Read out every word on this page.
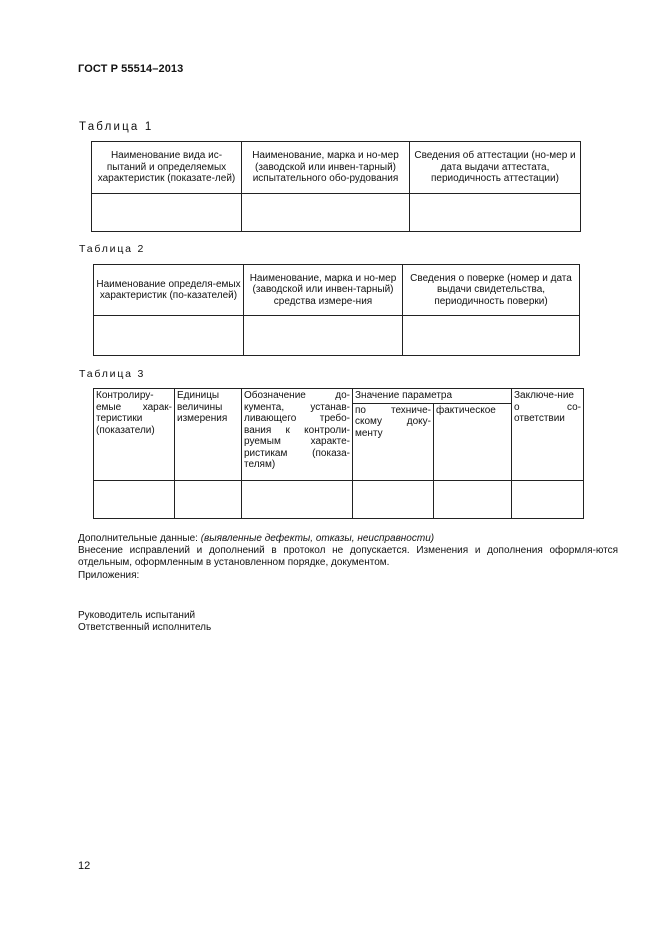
ГОСТ Р 55514–2013
Таблица 1
Наименование вида ис-пытаний и определяемых характеристик (показате-лей)	Наименование, марка и но-мер (заводской или инвен-тарный) испытательного обо-рудования	Сведения об аттестации (но-мер и дата выдачи аттестата, периодичность аттестации)

Таблица 2
Наименование определя-емых характеристик (по-казателей)	Наименование, марка и но-мер (заводской или инвен-тарный) средства измере-ния	Сведения о поверке (номер и дата выдачи свидетельства, периодичность поверки)

Таблица 3
Контролиру-емые харак-теристики (показатели)	Единицы величины измерения	Обозначение до-кумента, устанав-ливающего требо-вания к контроли-руемым характе-ристикам (показа-телям)	Значение параметра		Заключе-ние о со-ответствии
			по техниче-скому доку-менту	фактическое	

Дополнительные данные: (выявленные дефекты, отказы, неисправности)
Внесение исправлений и дополнений в протокол не допускается. Изменения и дополнения оформля-ются отдельным, оформленным в установленном порядке, документом.
Приложения:
Руководитель испытаний
Ответственный исполнитель
12
